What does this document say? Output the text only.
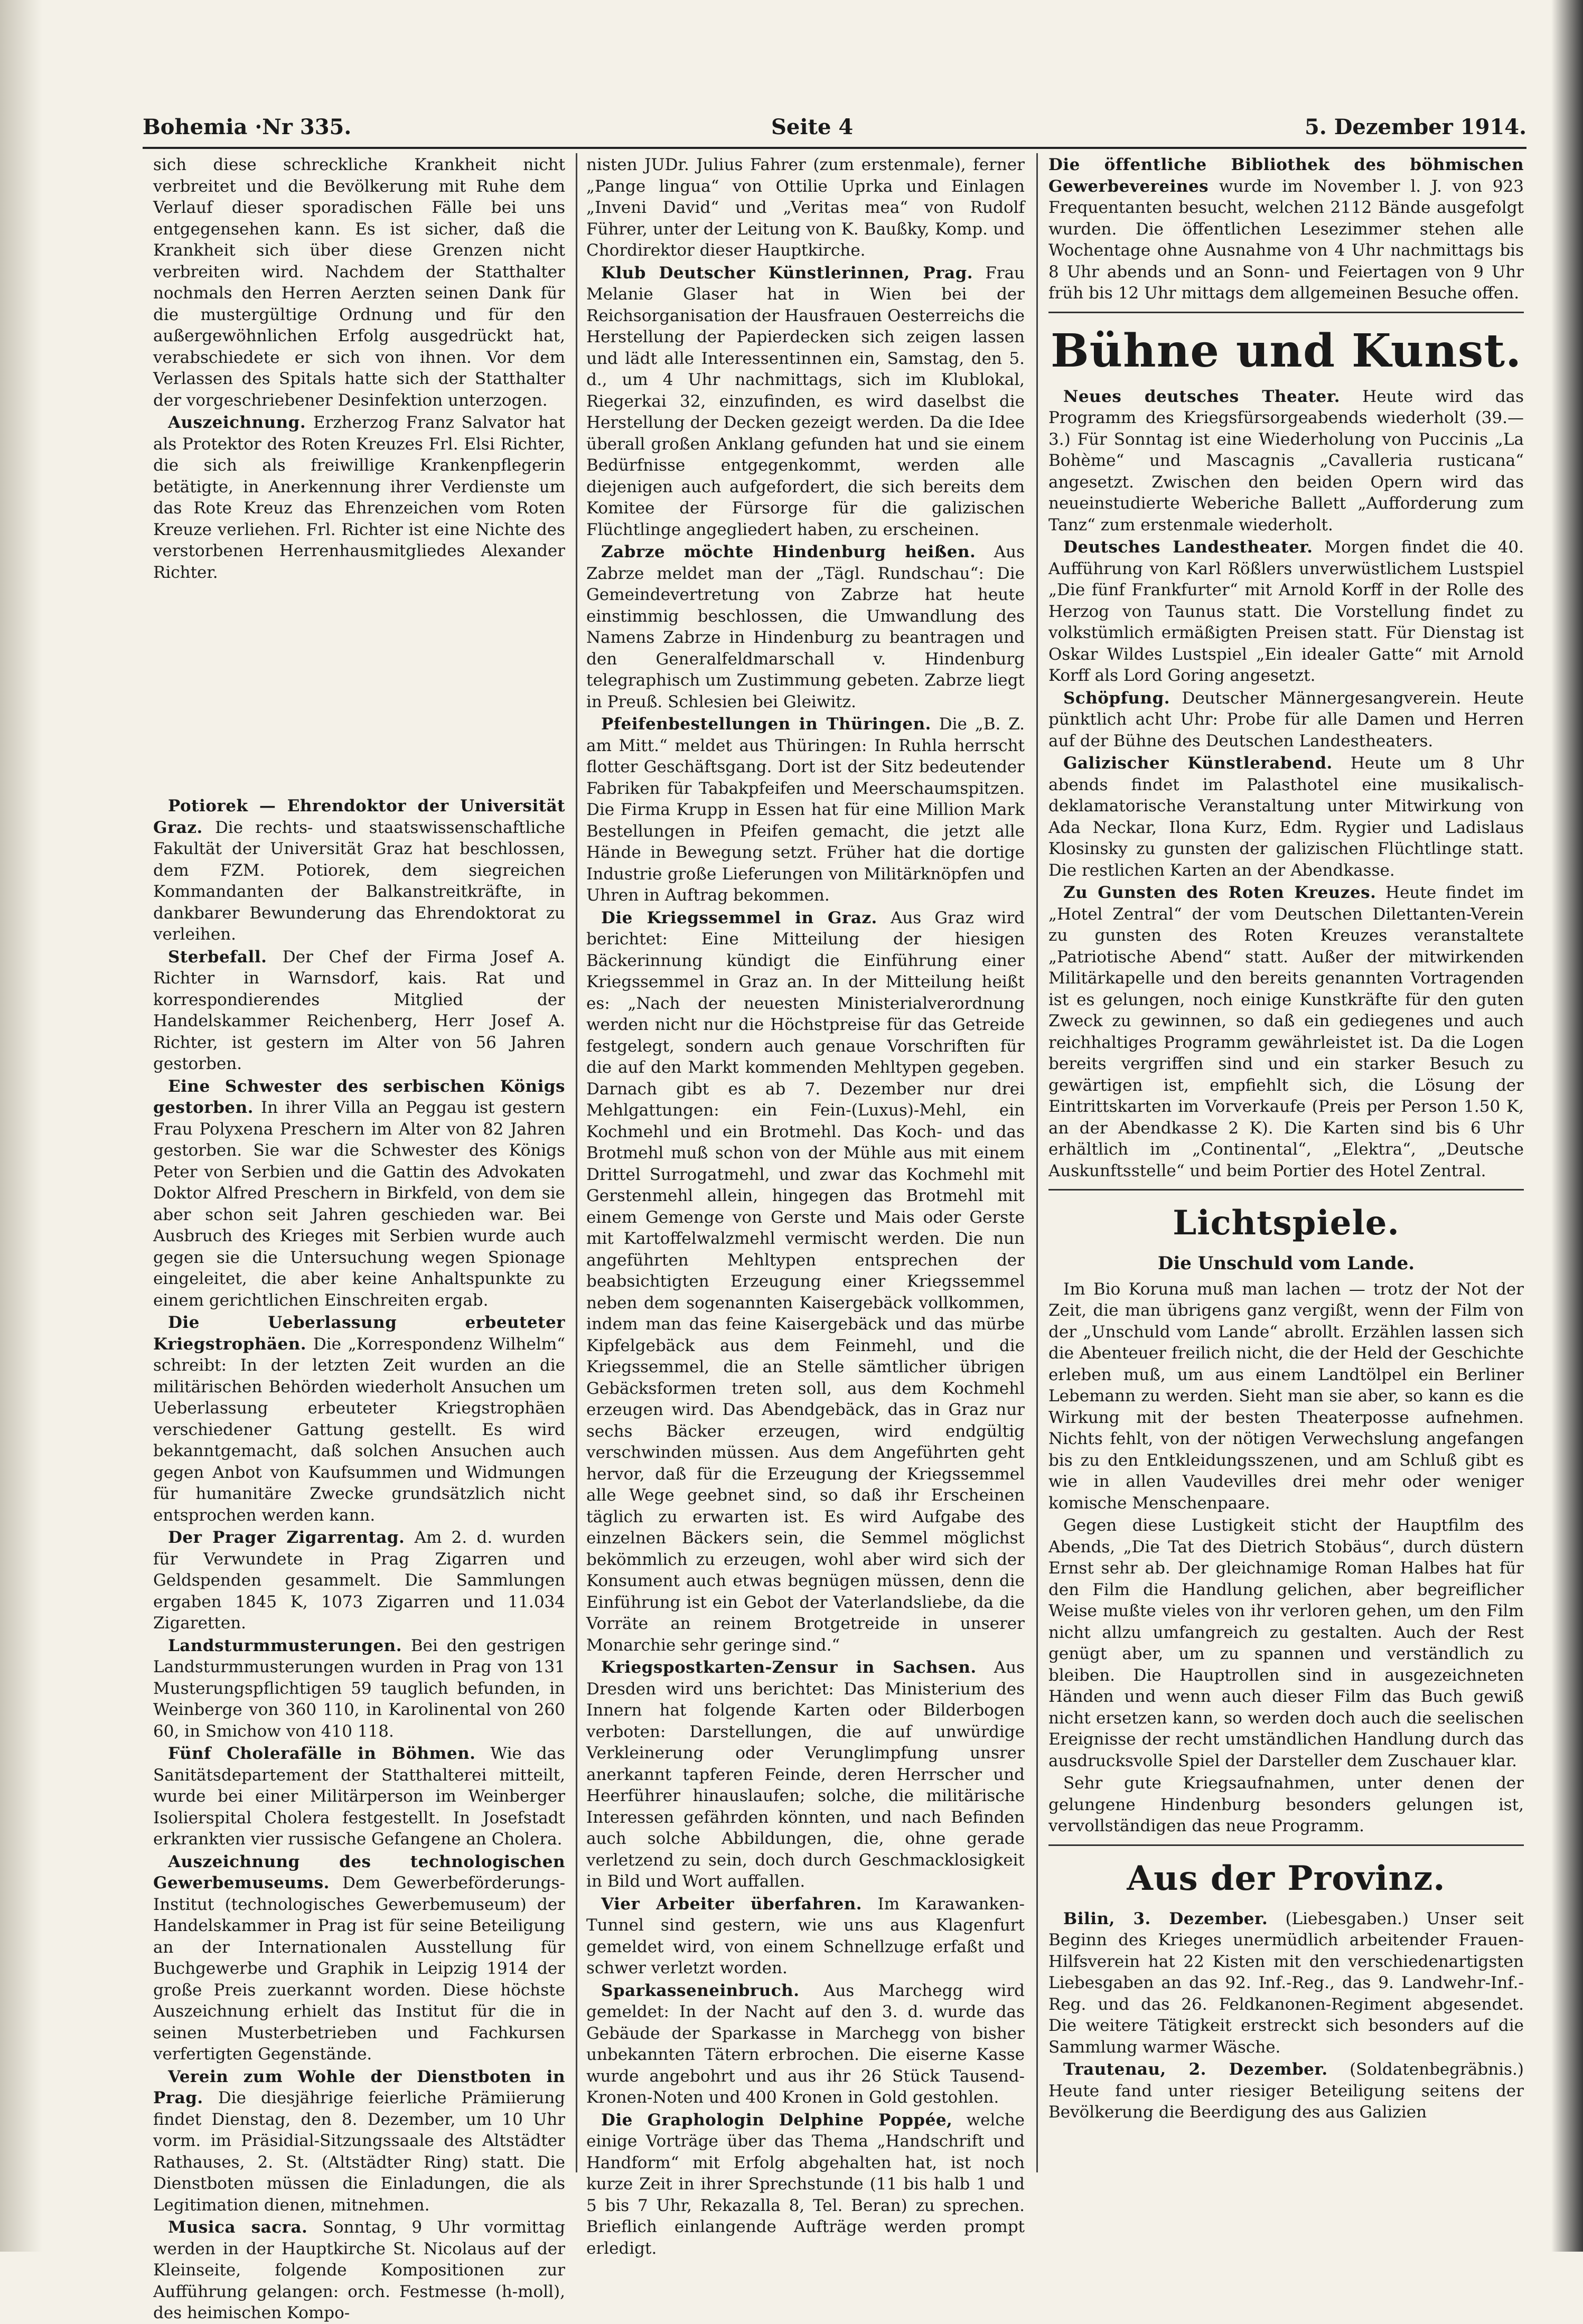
Bohemia ·Nr 335.	Seite 4	5. Dezember 1914.

sich diese schreckliche Krankheit nicht verbreitet und die Bevölkerung mit Ruhe dem Verlauf dieser sporadischen Fälle bei uns entgegensehen kann. Es ist sicher, daß die Krankheit sich über diese Grenzen nicht verbreiten wird. Nachdem der Statthalter nochmals den Herren Aerzten seinen Dank für die mustergültige Ordnung und für den außergewöhnlichen Erfolg ausgedrückt hat, verabschiedete er sich von ihnen. Vor dem Verlassen des Spitals hatte sich der Statthalter der vorgeschriebener Desinfektion unterzogen.

Auszeichnung. Erzherzog Franz Salvator hat als Protektor des Roten Kreuzes Frl. Elsi Richter, die sich als freiwillige Krankenpflegerin betätigte, in Anerkennung ihrer Verdienste um das Rote Kreuz das Ehrenzeichen vom Roten Kreuze verliehen. Frl. Richter ist eine Nichte des verstorbenen Herrenhausmitgliedes Alexander Richter.

Potiorek — Ehrendoktor der Universität Graz. Die rechts- und staatswissenschaftliche Fakultät der Universität Graz hat beschlossen, dem FZM. Potiorek, dem siegreichen Kommandanten der Balkanstreitkräfte, in dankbarer Bewunderung das Ehrendoktorat zu verleihen.

Sterbefall. Der Chef der Firma Josef A. Richter in Warnsdorf, kais. Rat und korrespondierendes Mitglied der Handelskammer Reichenberg, Herr Josef A. Richter, ist gestern im Alter von 56 Jahren gestorben.

Eine Schwester des serbischen Königs gestorben. In ihrer Villa an Peggau ist gestern Frau Polyxena Preschern im Alter von 82 Jahren gestorben. Sie war die Schwester des Königs Peter von Serbien und die Gattin des Advokaten Doktor Alfred Preschern in Birkfeld, von dem sie aber schon seit Jahren geschieden war. Bei Ausbruch des Krieges mit Serbien wurde auch gegen sie die Untersuchung wegen Spionage eingeleitet, die aber keine Anhaltspunkte zu einem gerichtlichen Einschreiten ergab.

Die Ueberlassung erbeuteter Kriegstrophäen. Die „Korrespondenz Wilhelm“ schreibt: In der letzten Zeit wurden an die militärischen Behörden wiederholt Ansuchen um Ueberlassung erbeuteter Kriegstrophäen verschiedener Gattung gestellt. Es wird bekanntgemacht, daß solchen Ansuchen auch gegen Anbot von Kaufsummen und Widmungen für humanitäre Zwecke grundsätzlich nicht entsprochen werden kann.

Der Prager Zigarrentag. Am 2. d. wurden für Verwundete in Prag Zigarren und Geldspenden gesammelt. Die Sammlungen ergaben 1845 K, 1073 Zigarren und 11.034 Zigaretten.

Landsturmmusterungen. Bei den gestrigen Landsturmmusterungen wurden in Prag von 131 Musterungspflichtigen 59 tauglich befunden, in Weinberge von 360 110, in Karolinental von 260 60, in Smichow von 410 118.

Fünf Cholerafälle in Böhmen. Wie das Sanitätsdepartement der Statthalterei mitteilt, wurde bei einer Militärperson im Weinberger Isolierspital Cholera festgestellt. In Josefstadt erkrankten vier russische Gefangene an Cholera.

Auszeichnung des technologischen Gewerbemuseums. Dem Gewerbeförderungs-Institut (technologisches Gewerbemuseum) der Handelskammer in Prag ist für seine Beteiligung an der Internationalen Ausstellung für Buchgewerbe und Graphik in Leipzig 1914 der große Preis zuerkannt worden. Diese höchste Auszeichnung erhielt das Institut für die in seinen Musterbetrieben und Fachkursen verfertigten Gegenstände.

Verein zum Wohle der Dienstboten in Prag. Die diesjährige feierliche Prämiierung findet Dienstag, den 8. Dezember, um 10 Uhr vorm. im Präsidial-Sitzungssaale des Altstädter Rathauses, 2. St. (Altstädter Ring) statt. Die Dienstboten müssen die Einladungen, die als Legitimation dienen, mitnehmen.

Musica sacra. Sonntag, 9 Uhr vormittag werden in der Hauptkirche St. Nicolaus auf der Kleinseite, folgende Kompositionen zur Aufführung gelangen: orch. Festmesse (h-moll), des heimischen Kompo-

nisten JUDr. Julius Fahrer (zum erstenmale), ferner „Pange lingua“ von Ottilie Uprka und Einlagen „Inveni David“ und „Veritas mea“ von Rudolf Führer, unter der Leitung von K. Baußky, Komp. und Chordirektor dieser Hauptkirche.

Klub Deutscher Künstlerinnen, Prag. Frau Melanie Glaser hat in Wien bei der Reichsorganisation der Hausfrauen Oesterreichs die Herstellung der Papierdecken sich zeigen lassen und lädt alle Interessentinnen ein, Samstag, den 5. d., um 4 Uhr nachmittags, sich im Klublokal, Riegerkai 32, einzufinden, es wird daselbst die Herstellung der Decken gezeigt werden. Da die Idee überall großen Anklang gefunden hat und sie einem Bedürfnisse entgegenkommt, werden alle diejenigen auch aufgefordert, die sich bereits dem Komitee der Fürsorge für die galizischen Flüchtlinge angegliedert haben, zu erscheinen.

Zabrze möchte Hindenburg heißen. Aus Zabrze meldet man der „Tägl. Rundschau“: Die Gemeindevertretung von Zabrze hat heute einstimmig beschlossen, die Umwandlung des Namens Zabrze in Hindenburg zu beantragen und den Generalfeldmarschall v. Hindenburg telegraphisch um Zustimmung gebeten. Zabrze liegt in Preuß. Schlesien bei Gleiwitz.

Pfeifenbestellungen in Thüringen. Die „B. Z. am Mitt.“ meldet aus Thüringen: In Ruhla herrscht flotter Geschäftsgang. Dort ist der Sitz bedeutender Fabriken für Tabakpfeifen und Meerschaumspitzen. Die Firma Krupp in Essen hat für eine Million Mark Bestellungen in Pfeifen gemacht, die jetzt alle Hände in Bewegung setzt. Früher hat die dortige Industrie große Lieferungen von Militärknöpfen und Uhren in Auftrag bekommen.

Die Kriegssemmel in Graz. Aus Graz wird berichtet: Eine Mitteilung der hiesigen Bäckerinnung kündigt die Einführung einer Kriegssemmel in Graz an. In der Mitteilung heißt es: „Nach der neuesten Ministerialverordnung werden nicht nur die Höchstpreise für das Getreide festgelegt, sondern auch genaue Vorschriften für die auf den Markt kommenden Mehltypen gegeben. Darnach gibt es ab 7. Dezember nur drei Mehlgattungen: ein Fein-(Luxus)-Mehl, ein Kochmehl und ein Brotmehl. Das Koch- und das Brotmehl muß schon von der Mühle aus mit einem Drittel Surrogatmehl, und zwar das Kochmehl mit Gerstenmehl allein, hingegen das Brotmehl mit einem Gemenge von Gerste und Mais oder Gerste mit Kartoffelwalzmehl vermischt werden. Die nun angeführten Mehltypen entsprechen der beabsichtigten Erzeugung einer Kriegssemmel neben dem sogenannten Kaisergebäck vollkommen, indem man das feine Kaisergebäck und das mürbe Kipfelgebäck aus dem Feinmehl, und die Kriegssemmel, die an Stelle sämtlicher übrigen Gebäcksformen treten soll, aus dem Kochmehl erzeugen wird. Das Abendgebäck, das in Graz nur sechs Bäcker erzeugen, wird endgültig verschwinden müssen. Aus dem Angeführten geht hervor, daß für die Erzeugung der Kriegssemmel alle Wege geebnet sind, so daß ihr Erscheinen täglich zu erwarten ist. Es wird Aufgabe des einzelnen Bäckers sein, die Semmel möglichst bekömmlich zu erzeugen, wohl aber wird sich der Konsument auch etwas begnügen müssen, denn die Einführung ist ein Gebot der Vaterlandsliebe, da die Vorräte an reinem Brotgetreide in unserer Monarchie sehr geringe sind.“

Kriegspostkarten-Zensur in Sachsen. Aus Dresden wird uns berichtet: Das Ministerium des Innern hat folgende Karten oder Bilderbogen verboten: Darstellungen, die auf unwürdige Verkleinerung oder Verunglimpfung unsrer anerkannt tapferen Feinde, deren Herrscher und Heerführer hinauslaufen; solche, die militärische Interessen gefährden könnten, und nach Befinden auch solche Abbildungen, die, ohne gerade verletzend zu sein, doch durch Geschmacklosigkeit in Bild und Wort auffallen.

Vier Arbeiter überfahren. Im Karawanken-Tunnel sind gestern, wie uns aus Klagenfurt gemeldet wird, von einem Schnellzuge erfaßt und schwer verletzt worden.

Sparkasseneinbruch. Aus Marchegg wird gemeldet: In der Nacht auf den 3. d. wurde das Gebäude der Sparkasse in Marchegg von bisher unbekannten Tätern erbrochen. Die eiserne Kasse wurde angebohrt und aus ihr 26 Stück Tausend-Kronen-Noten und 400 Kronen in Gold gestohlen.

Die Graphologin Delphine Poppée, welche einige Vorträge über das Thema „Handschrift und Handform“ mit Erfolg abgehalten hat, ist noch kurze Zeit in ihrer Sprechstunde (11 bis halb 1 und 5 bis 7 Uhr, Rekazalla 8, Tel. Beran) zu sprechen. Brieflich einlangende Aufträge werden prompt erledigt.

Die öffentliche Bibliothek des böhmischen Gewerbevereines wurde im November l. J. von 923 Frequentanten besucht, welchen 2112 Bände ausgefolgt wurden. Die öffentlichen Lesezimmer stehen alle Wochentage ohne Ausnahme von 4 Uhr nachmittags bis 8 Uhr abends und an Sonn- und Feiertagen von 9 Uhr früh bis 12 Uhr mittags dem allgemeinen Besuche offen.

Bühne und Kunst.

Neues deutsches Theater. Heute wird das Programm des Kriegsfürsorgeabends wiederholt (39.—3.) Für Sonntag ist eine Wiederholung von Puccinis „La Bohème“ und Mascagnis „Cavalleria rusticana“ angesetzt. Zwischen den beiden Opern wird das neueinstudierte Weberiche Ballett „Aufforderung zum Tanz“ zum erstenmale wiederholt.

Deutsches Landestheater. Morgen findet die 40. Aufführung von Karl Rößlers unverwüstlichem Lustspiel „Die fünf Frankfurter“ mit Arnold Korff in der Rolle des Herzog von Taunus statt. Die Vorstellung findet zu volkstümlich ermäßigten Preisen statt. Für Dienstag ist Oskar Wildes Lustspiel „Ein idealer Gatte“ mit Arnold Korff als Lord Goring angesetzt.

Schöpfung. Deutscher Männergesangverein. Heute pünktlich acht Uhr: Probe für alle Damen und Herren auf der Bühne des Deutschen Landestheaters.

Galizischer Künstlerabend. Heute um 8 Uhr abends findet im Palasthotel eine musikalisch-deklamatorische Veranstaltung unter Mitwirkung von Ada Neckar, Ilona Kurz, Edm. Rygier und Ladislaus Klosinsky zu gunsten der galizischen Flüchtlinge statt. Die restlichen Karten an der Abendkasse.

Zu Gunsten des Roten Kreuzes. Heute findet im „Hotel Zentral“ der vom Deutschen Dilettanten-Verein zu gunsten des Roten Kreuzes veranstaltete „Patriotische Abend“ statt. Außer der mitwirkenden Militärkapelle und den bereits genannten Vortragenden ist es gelungen, noch einige Kunstkräfte für den guten Zweck zu gewinnen, so daß ein gediegenes und auch reichhaltiges Programm gewährleistet ist. Da die Logen bereits vergriffen sind und ein starker Besuch zu gewärtigen ist, empfiehlt sich, die Lösung der Eintrittskarten im Vorverkaufe (Preis per Person 1.50 K, an der Abendkasse 2 K). Die Karten sind bis 6 Uhr erhältlich im „Continental“, „Elektra“, „Deutsche Auskunftsstelle“ und beim Portier des Hotel Zentral.

Lichtspiele.
Die Unschuld vom Lande.

Im Bio Koruna muß man lachen — trotz der Not der Zeit, die man übrigens ganz vergißt, wenn der Film von der „Unschuld vom Lande“ abrollt. Erzählen lassen sich die Abenteuer freilich nicht, die der Held der Geschichte erleben muß, um aus einem Landtölpel ein Berliner Lebemann zu werden. Sieht man sie aber, so kann es die Wirkung mit der besten Theaterposse aufnehmen. Nichts fehlt, von der nötigen Verwechslung angefangen bis zu den Entkleidungsszenen, und am Schluß gibt es wie in allen Vaudevilles drei mehr oder weniger komische Menschenpaare.

Gegen diese Lustigkeit sticht der Hauptfilm des Abends, „Die Tat des Dietrich Stobäus“, durch düstern Ernst sehr ab. Der gleichnamige Roman Halbes hat für den Film die Handlung gelichen, aber begreiflicher Weise mußte vieles von ihr verloren gehen, um den Film nicht allzu umfangreich zu gestalten. Auch der Rest genügt aber, um zu spannen und verständlich zu bleiben. Die Hauptrollen sind in ausgezeichneten Händen und wenn auch dieser Film das Buch gewiß nicht ersetzen kann, so werden doch auch die seelischen Ereignisse der recht umständlichen Handlung durch das ausdrucksvolle Spiel der Darsteller dem Zuschauer klar.

Sehr gute Kriegsaufnahmen, unter denen der gelungene Hindenburg besonders gelungen ist, vervollständigen das neue Programm.

Aus der Provinz.

Bilin, 3. Dezember. (Liebesgaben.) Unser seit Beginn des Krieges unermüdlich arbeitender Frauen-Hilfsverein hat 22 Kisten mit den verschiedenartigsten Liebesgaben an das 92. Inf.-Reg., das 9. Landwehr-Inf.-Reg. und das 26. Feldkanonen-Regiment abgesendet. Die weitere Tätigkeit erstreckt sich besonders auf die Sammlung warmer Wäsche.

Trautenau, 2. Dezember. (Soldatenbegräbnis.) Heute fand unter riesiger Beteiligung seitens der Bevölkerung die Beerdigung des aus Galizien
